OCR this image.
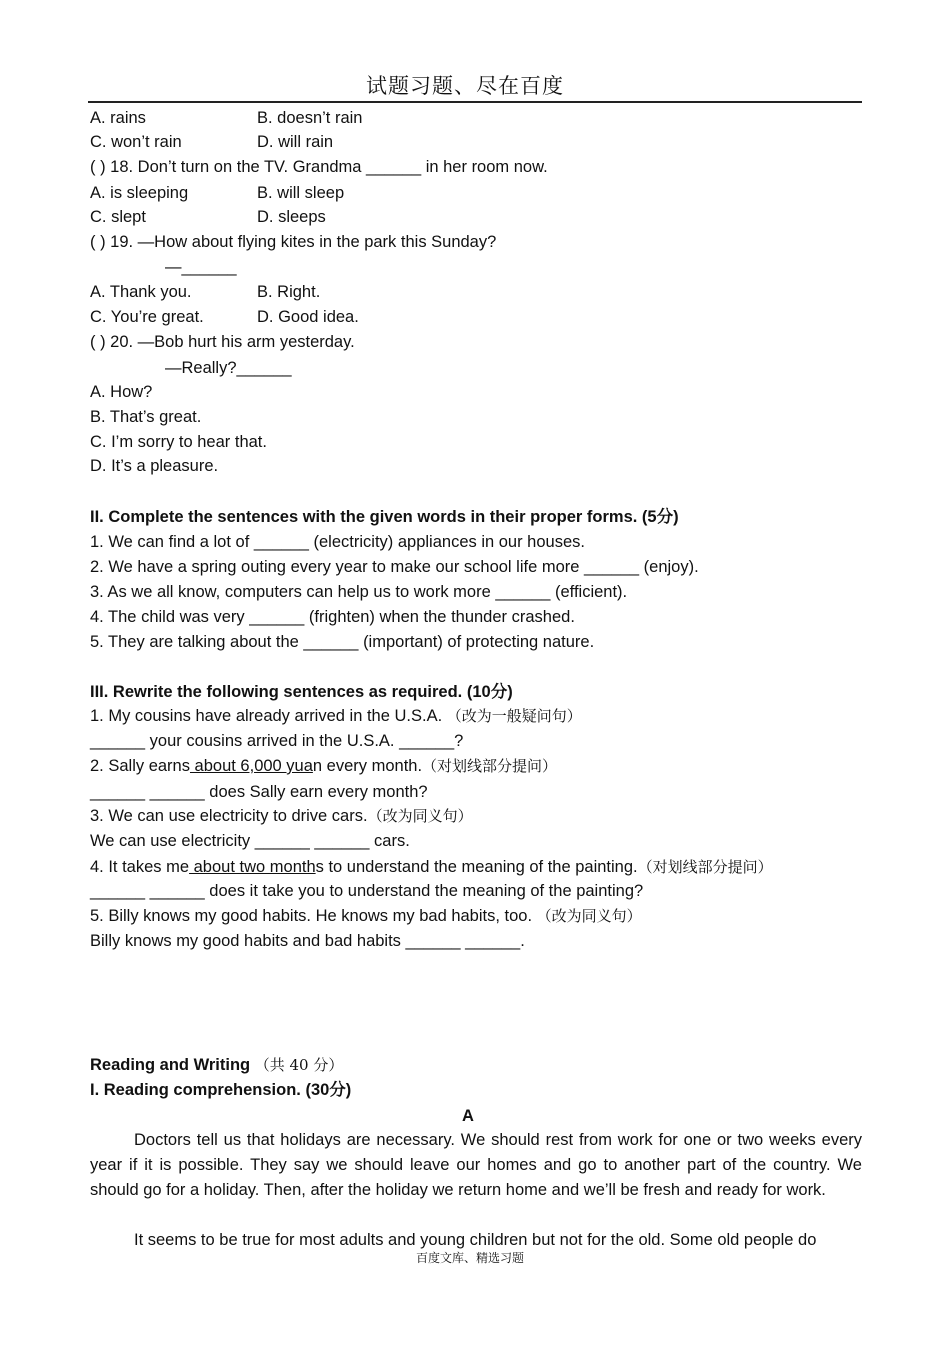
试题习题、尽在百度
A. rains	B. doesn’t rain
C. won’t rain	D. will rain
( ) 18. Don’t turn on the TV. Grandma ______ in her room now.
A. is sleeping	B. will sleep
C. slept	D. sleeps
( ) 19. —How about flying kites in the park this Sunday?
—______
A. Thank you.	B. Right.
C. You’re great.	D. Good idea.
( ) 20. —Bob hurt his arm yesterday.
—Really?______
A. How?
B. That’s great.
C. I’m sorry to hear that.
D. It’s a pleasure.
II. Complete the sentences with the given words in their proper forms. (5分)
1. We can find a lot of ______ (electricity) appliances in our houses.
2. We have a spring outing every year to make our school life more ______ (enjoy).
3. As we all know, computers can help us to work more ______ (efficient).
4. The child was very ______ (frighten) when the thunder crashed.
5. They are talking about the ______ (important) of protecting nature.
III. Rewrite the following sentences as required. (10分)
1. My cousins have already arrived in the U.S.A. （改为一般疑问句）
______ your cousins arrived in the U.S.A. ______?
2. Sally earns about 6,000 yuan every month.（对划线部分提问）
______ ______ does Sally earn every month?
3. We can use electricity to drive cars.（改为同义句）
We can use electricity ______ ______ cars.
4. It takes me about two months to understand the meaning of the painting.（对划线部分提问）
______ ______ does it take you to understand the meaning of the painting?
5. Billy knows my good habits. He knows my bad habits, too. （改为同义句）
Billy knows my good habits and bad habits ______ ______.
Reading and Writing （共 40 分）
I. Reading comprehension. (30分)
A
Doctors tell us that holidays are necessary. We should rest from work for one or two weeks every year if it is possible. They say we should leave our homes and go to another part of the country. We should go for a holiday. Then, after the holiday we return home and we’ll be fresh and ready for work.
It seems to be true for most adults and young children but not for the old. Some old people do
百度文库、精选习题
